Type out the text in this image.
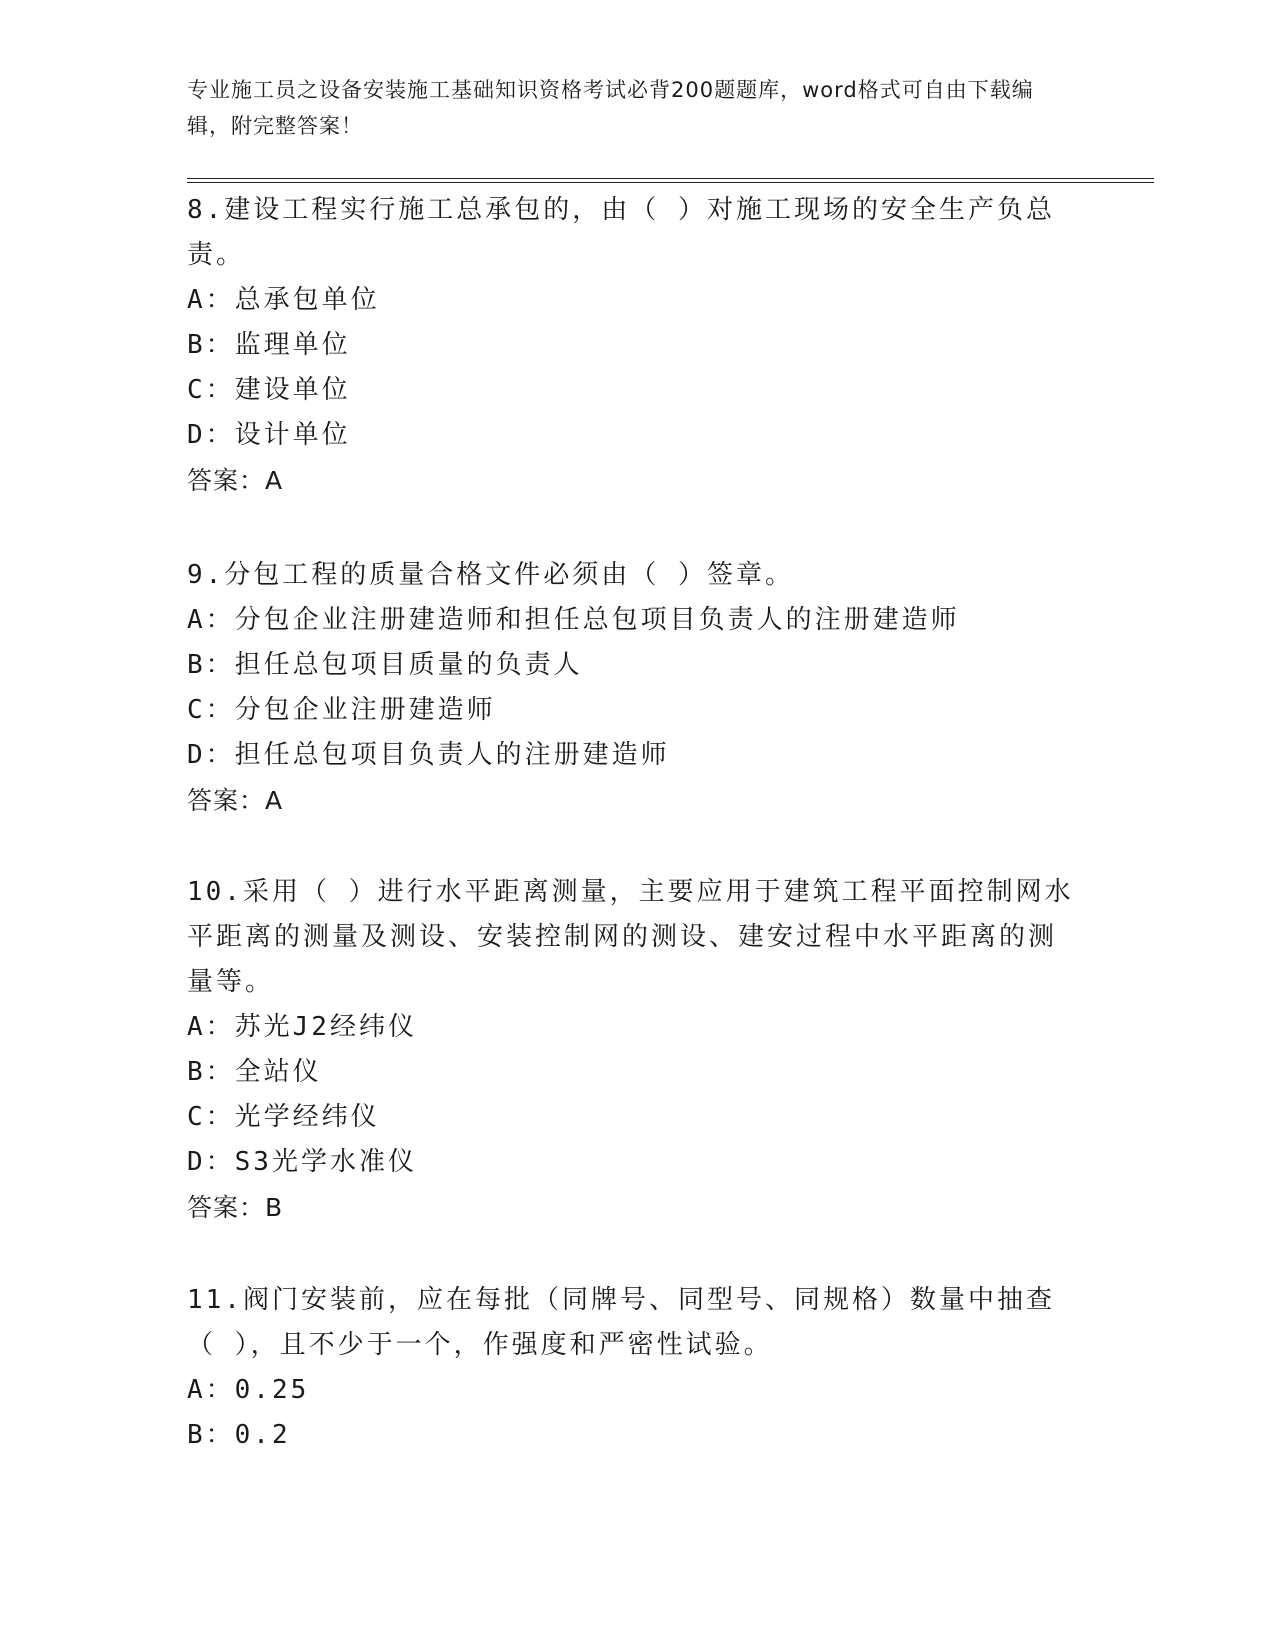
专业施工员之设备安装施工基础知识资格考试必背200题题库，word格式可自由下载编辑，附完整答案！

8.建设工程实行施工总承包的，由（ ）对施工现场的安全生产负总责。

A：总承包单位

B：监理单位

C：建设单位

D：设计单位

答案：A

9.分包工程的质量合格文件必须由（ ）签章。

A：分包企业注册建造师和担任总包项目负责人的注册建造师

B：担任总包项目质量的负责人

C：分包企业注册建造师

D：担任总包项目负责人的注册建造师

答案：A

10.采用（ ）进行水平距离测量，主要应用于建筑工程平面控制网水平距离的测量及测设、安装控制网的测设、建安过程中水平距离的测量等。

A：苏光J2经纬仪

B：全站仪

C：光学经纬仪

D：S3光学水准仪

答案：B

11.阀门安装前，应在每批（同牌号、同型号、同规格）数量中抽查（ ），且不少于一个，作强度和严密性试验。

A：0.25

B：0.2
